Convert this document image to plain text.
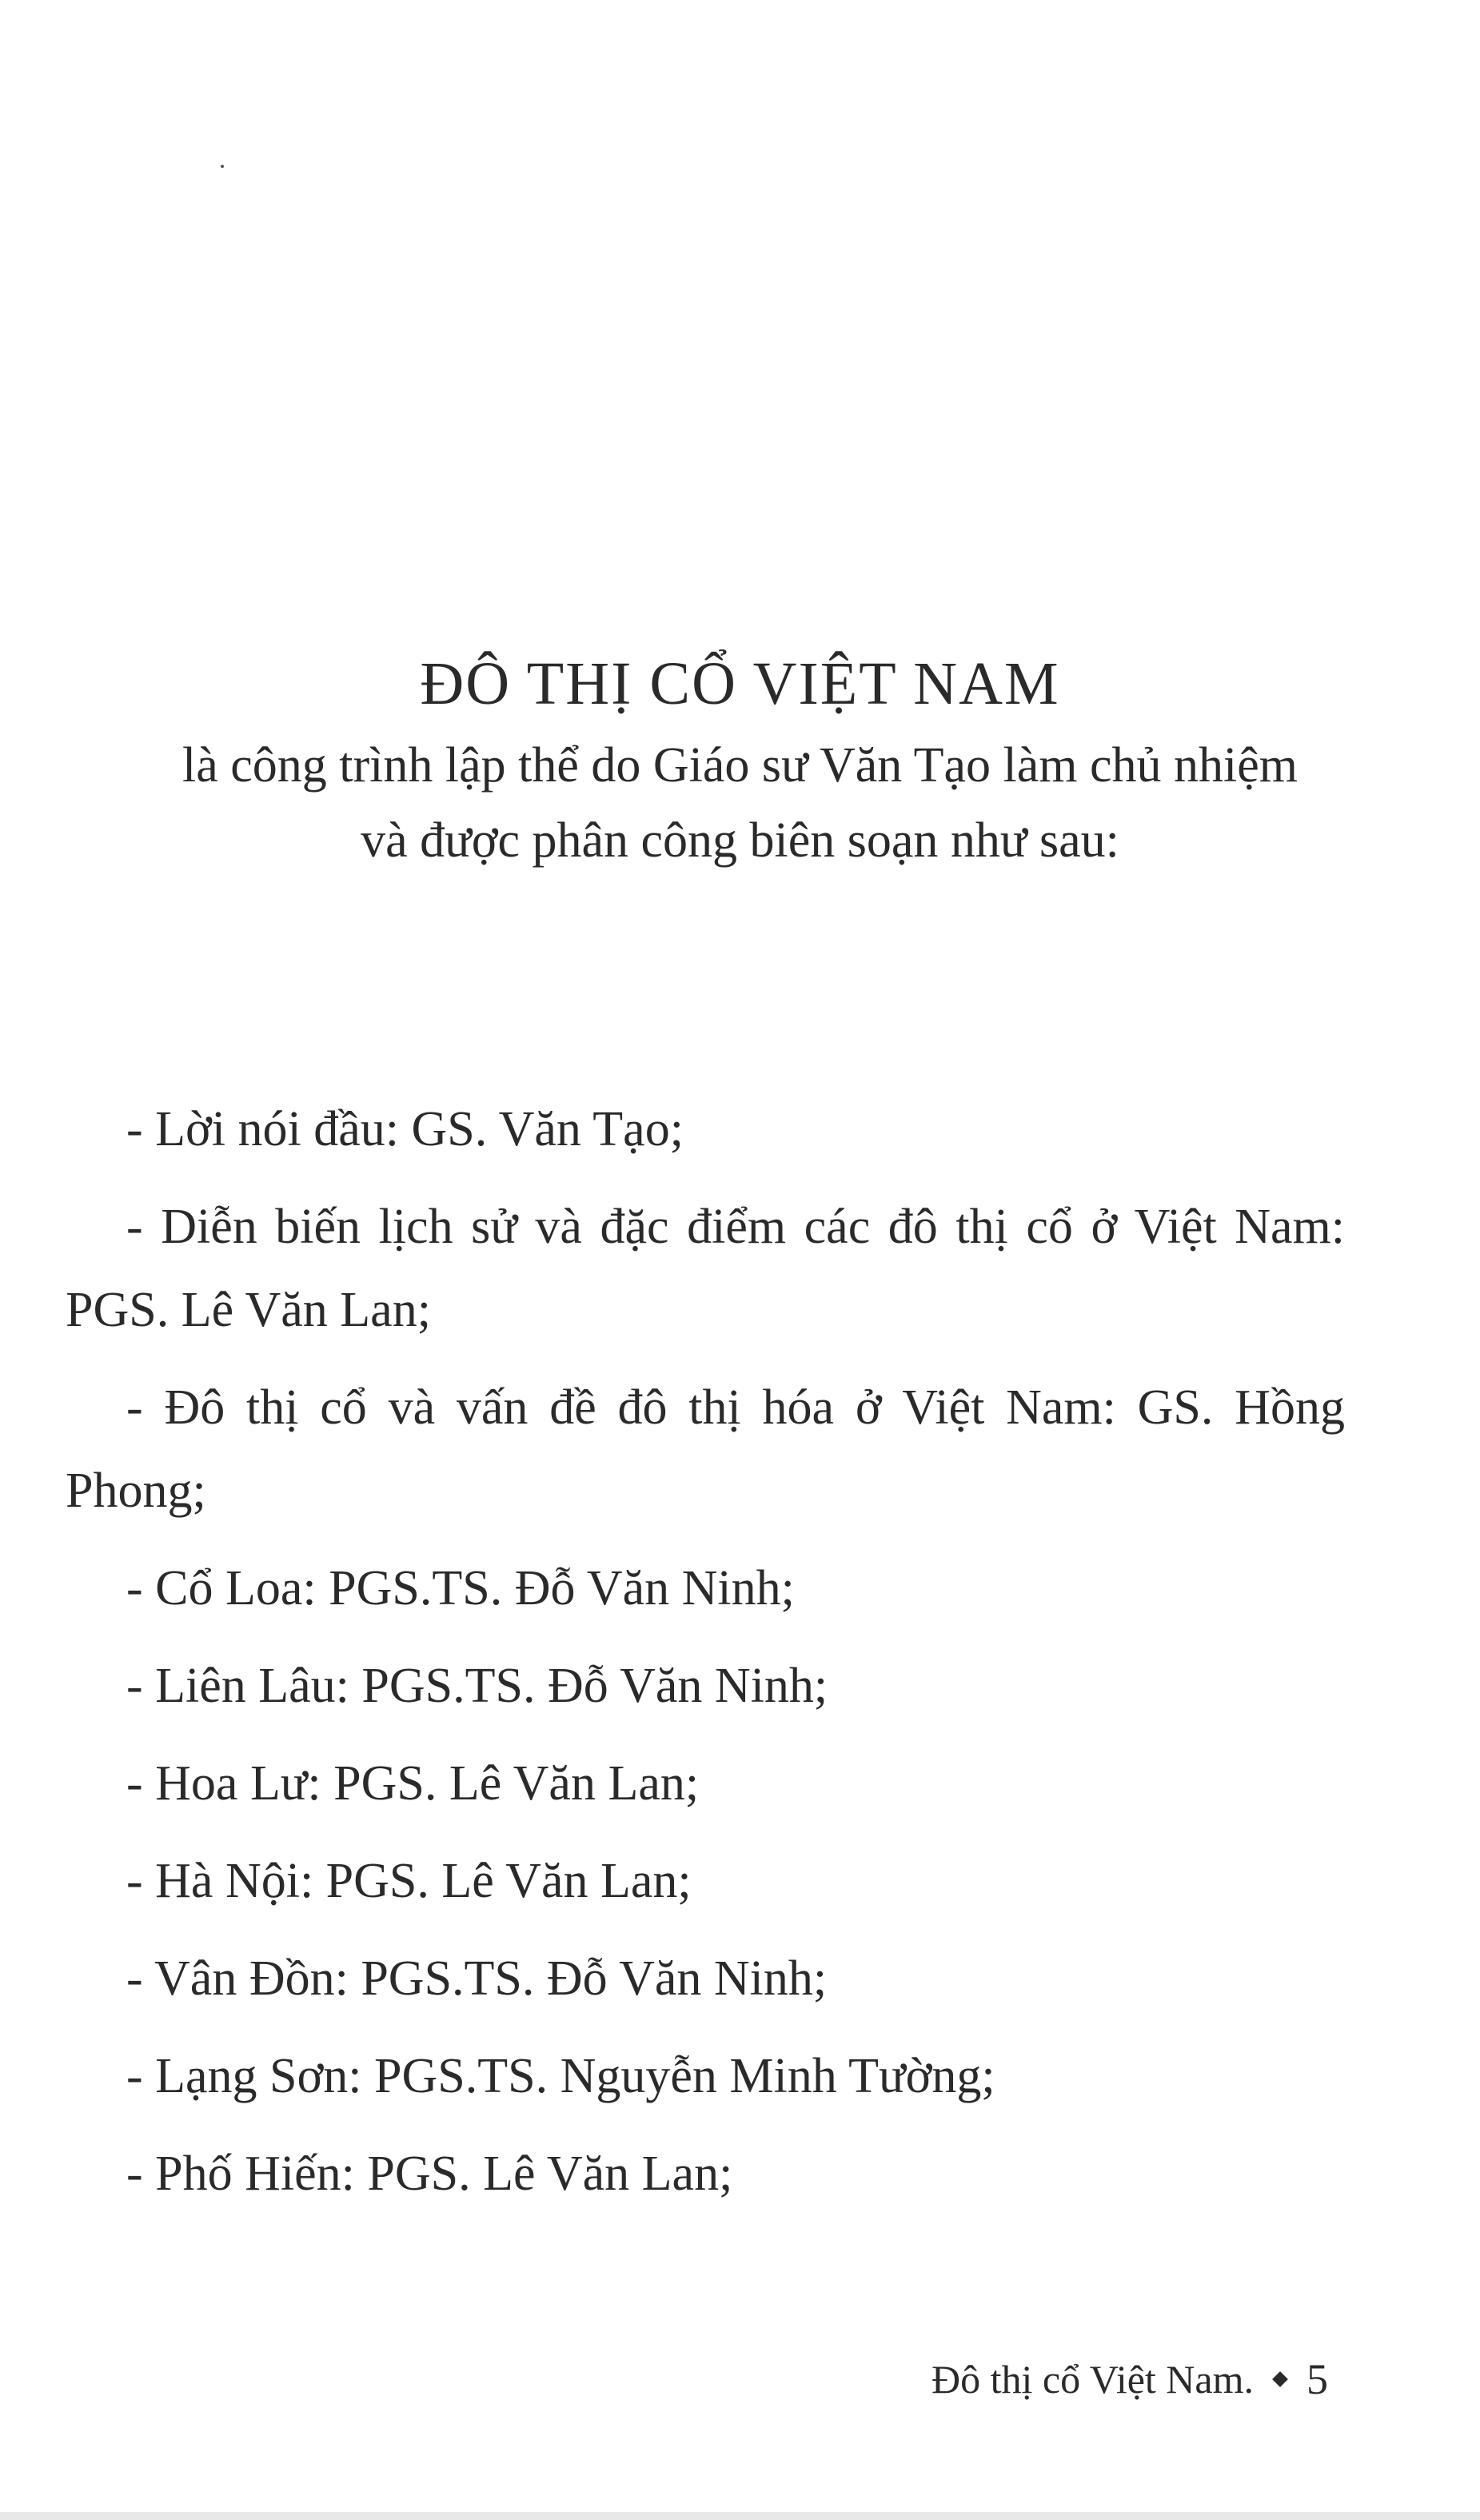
ĐÔ THỊ CỔ VIỆT NAM

là công trình lập thể do Giáo sư Văn Tạo làm chủ nhiệm

và được phân công biên soạn như sau:

- Lời nói đầu: GS. Văn Tạo;

- Diễn biến lịch sử và đặc điểm các đô thị cổ ở Việt Nam: PGS. Lê Văn Lan;

- Đô thị cổ và vấn đề đô thị hóa ở Việt Nam: GS. Hồng Phong;

- Cổ Loa: PGS.TS. Đỗ Văn Ninh;

- Liên Lâu: PGS.TS. Đỗ Văn Ninh;

- Hoa Lư: PGS. Lê Văn Lan;

- Hà Nội: PGS. Lê Văn Lan;

- Vân Đồn: PGS.TS. Đỗ Văn Ninh;

- Lạng Sơn: PGS.TS. Nguyễn Minh Tường;

- Phố Hiến: PGS. Lê Văn Lan;

Đô thị cổ Việt Nam. 5
